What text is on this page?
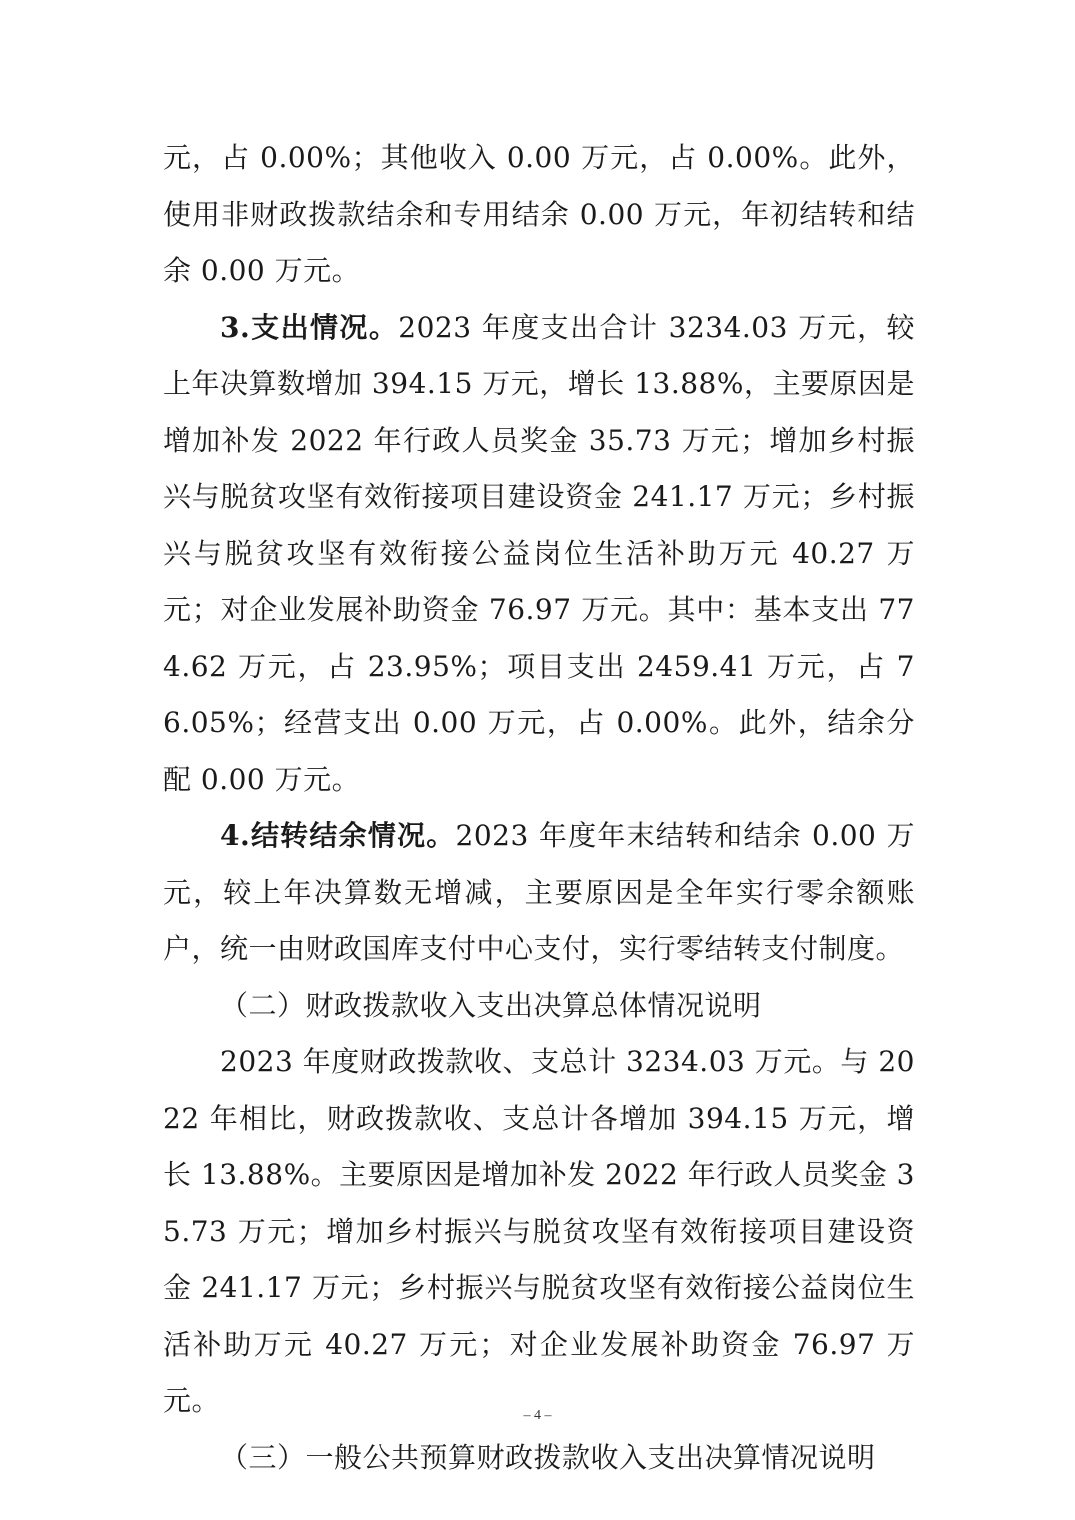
元，占 0.00%；其他收入 0.00 万元，占 0.00%。此外，使用非财政拨款结余和专用结余 0.00 万元，年初结转和结余 0.00 万元。

3.支出情况。2023 年度支出合计 3234.03 万元，较上年决算数增加 394.15 万元，增长 13.88%，主要原因是增加补发 2022 年行政人员奖金 35.73 万元；增加乡村振兴与脱贫攻坚有效衔接项目建设资金 241.17 万元；乡村振兴与脱贫攻坚有效衔接公益岗位生活补助万元 40.27 万元；对企业发展补助资金 76.97 万元。其中：基本支出 774.62 万元，占 23.95%；项目支出 2459.41 万元，占 76.05%；经营支出 0.00 万元，占 0.00%。此外，结余分配 0.00 万元。

4.结转结余情况。2023 年度年末结转和结余 0.00 万元，较上年决算数无增减，主要原因是全年实行零余额账户，统一由财政国库支付中心支付，实行零结转支付制度。

（二）财政拨款收入支出决算总体情况说明

2023 年度财政拨款收、支总计 3234.03 万元。与 2022 年相比，财政拨款收、支总计各增加 394.15 万元，增长 13.88%。主要原因是增加补发 2022 年行政人员奖金 35.73 万元；增加乡村振兴与脱贫攻坚有效衔接项目建设资金 241.17 万元；乡村振兴与脱贫攻坚有效衔接公益岗位生活补助万元 40.27 万元；对企业发展补助资金 76.97 万元。

（三）一般公共预算财政拨款收入支出决算情况说明

– 4 –
